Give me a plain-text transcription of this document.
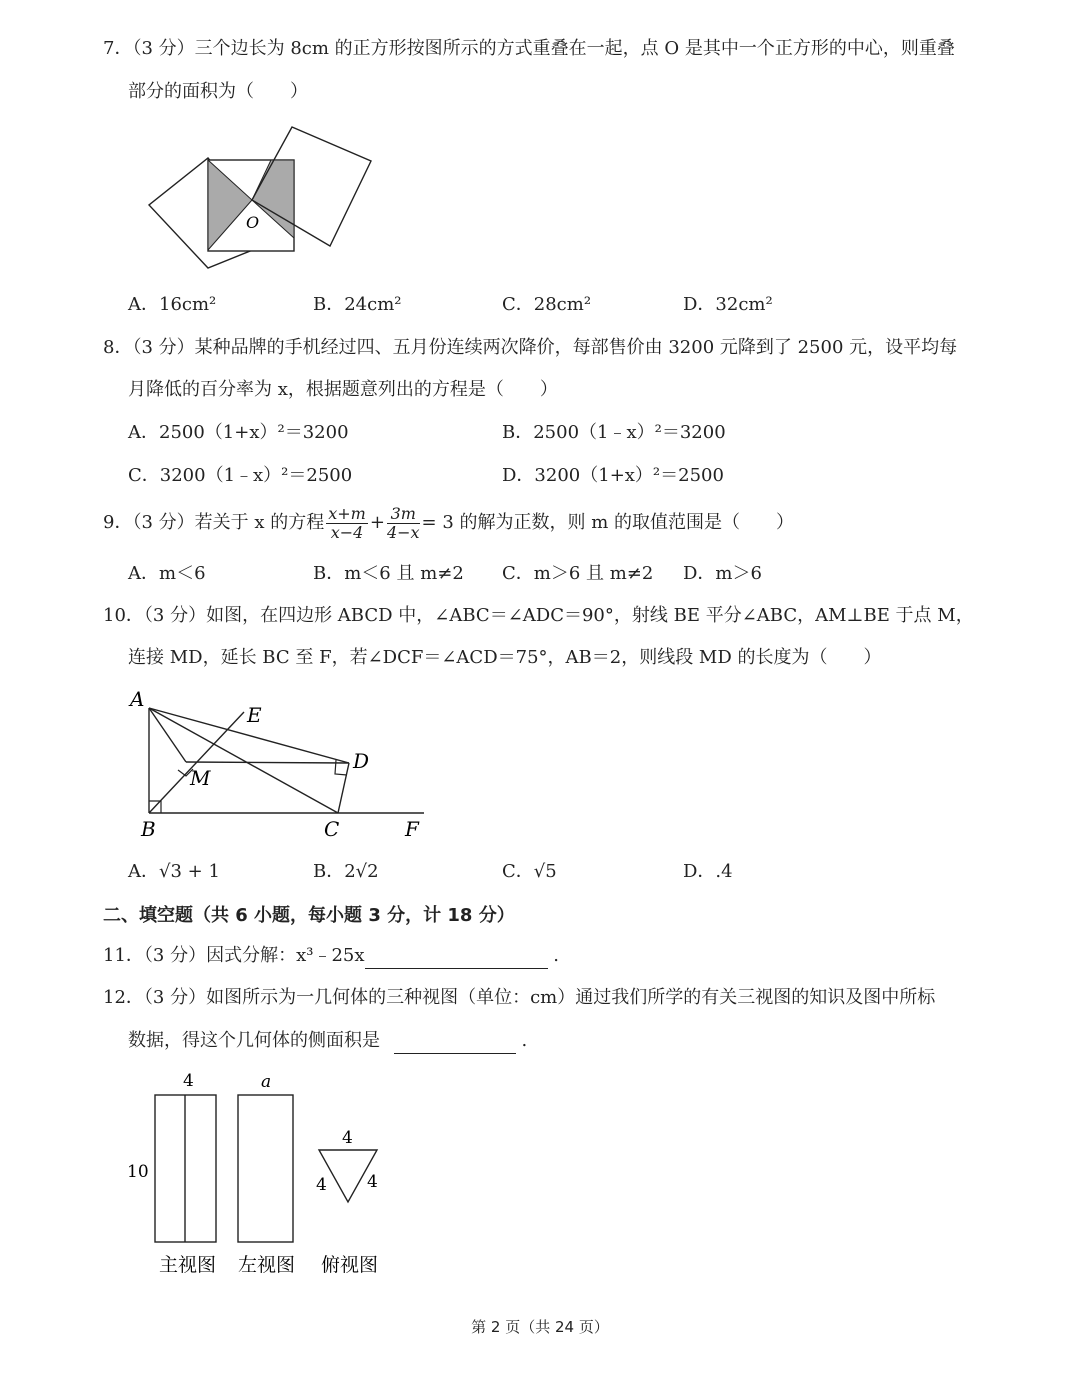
7．（3 分）三个边长为 8cm 的正方形按图所示的方式重叠在一起，点 O 是其中一个正方形的中心，则重叠
部分的面积为（　　）
O
A．16cm²	B．24cm²	C．28cm²	D．32cm²
8．（3 分）某种品牌的手机经过四、五月份连续两次降价，每部售价由 3200 元降到了 2500 元，设平均每
月降低的百分率为 x，根据题意列出的方程是（　　）
A．2500（1+x）²＝3200	B．2500（1﹣x）²＝3200
C．3200（1﹣x）²＝2500	D．3200（1+x）²＝2500
9．（3 分）若关于 x 的方程 $\frac{x+m}{x-4} + \frac{3m}{4-x} = 3$ 的解为正数，则 m 的取值范围是（　　）
A．m＜6	B．m＜6 且 m≠2 C．m＞6 且 m≠2 D．m＞6
10．（3 分）如图，在四边形 ABCD 中，∠ABC＝∠ADC＝90°，射线 BE 平分∠ABC，AM⊥BE 于点 M，
连接 MD，延长 BC 至 F，若∠DCF＝∠ACD＝75°，AB＝2，则线段 MD 的长度为（　　）
A
E
D
M
B	C	F
A．√3 + 1	B．2√2	C．√5	D．.4
二、填空题（共 6 小题，每小题 3 分，计 18 分）
11．（3 分）因式分解：x³﹣25x	.
12．（3 分）如图所示为一几何体的三种视图（单位：cm）通过我们所学的有关三视图的知识及图中所标
数据，得这个几何体的侧面积是	.
4	a
10
4
4 4
主视图 左视图 俯视图
第 2 页（共 24 页）
